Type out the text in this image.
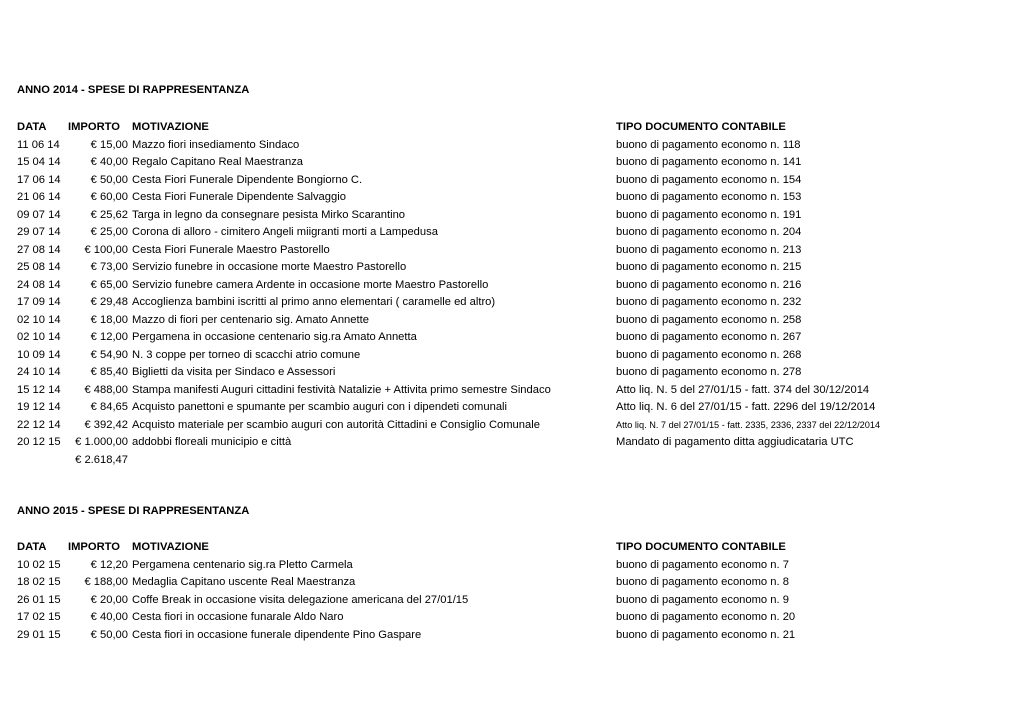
ANNO 2014 - SPESE DI RAPPRESENTANZA
DATA IMPORTO MOTIVAZIONE	TIPO DOCUMENTO CONTABILE
11 06 14	€ 15,00 Mazzo fiori insediamento Sindaco	buono di pagamento economo n. 118
15 04 14	€ 40,00 Regalo Capitano Real Maestranza	buono di pagamento economo n. 141
17 06 14	€ 50,00 Cesta Fiori Funerale Dipendente Bongiorno C.	buono di pagamento economo n. 154
21 06 14	€ 60,00 Cesta Fiori Funerale Dipendente Salvaggio	buono di pagamento economo n. 153
09 07 14	€ 25,62 Targa in legno da consegnare pesista Mirko Scarantino	buono di pagamento economo n. 191
29 07 14	€ 25,00 Corona di alloro - cimitero Angeli miigranti morti a Lampedusa	buono di pagamento economo n. 204
27 08 14 € 100,00 Cesta Fiori Funerale Maestro Pastorello	buono di pagamento economo n. 213
25 08 14	€ 73,00 Servizio funebre in occasione morte Maestro Pastorello	buono di pagamento economo n. 215
24 08 14	€ 65,00 Servizio funebre camera Ardente in occasione morte Maestro Pastorello	buono di pagamento economo n. 216
17 09 14	€ 29,48 Accoglienza bambini iscritti al primo anno elementari ( caramelle ed altro)	buono di pagamento economo n. 232
02 10 14	€ 18,00 Mazzo di fiori per centenario sig. Amato Annette	buono di pagamento economo n. 258
02 10 14	€ 12,00 Pergamena in occasione centenario sig.ra Amato Annetta	buono di pagamento economo n. 267
10 09 14	€ 54,90 N. 3 coppe per torneo di scacchi atrio comune	buono di pagamento economo n. 268
24 10 14	€ 85,40 Biglietti da visita per Sindaco e Assessori	buono di pagamento economo n. 278
15 12 14 € 488,00 Stampa manifesti Auguri cittadini festività Natalizie + Attivita primo semestre Sindaco	Atto liq. N. 5 del 27/01/15 - fatt. 374 del 30/12/2014
19 12 14	€ 84,65 Acquisto panettoni e spumante per scambio auguri con i dipendeti comunali	Atto liq. N. 6 del 27/01/15 - fatt. 2296 del 19/12/2014
22 12 14 € 392,42 Acquisto materiale per scambio auguri con autorità Cittadini e Consiglio Comunale	Atto liq. N. 7 del 27/01/15 - fatt. 2335, 2336, 2337 del 22/12/2014
20 12 15 € 1.000,00 addobbi floreali municipio e città	Mandato di pagamento ditta aggiudicataria UTC
€ 2.618,47
ANNO 2015 - SPESE DI RAPPRESENTANZA
DATA IMPORTO MOTIVAZIONE	TIPO DOCUMENTO CONTABILE
10 02 15	€ 12,20 Pergamena centenario sig.ra Pletto Carmela	buono di pagamento economo n. 7
18 02 15 € 188,00 Medaglia Capitano uscente Real Maestranza	buono di pagamento economo n. 8
26 01 15	€ 20,00 Coffe Break in occasione visita delegazione americana del 27/01/15	buono di pagamento economo n. 9
17 02 15	€ 40,00 Cesta fiori in occasione funarale Aldo Naro	buono di pagamento economo n. 20
29 01 15	€ 50,00 Cesta fiori in occasione funerale dipendente Pino Gaspare	buono di pagamento economo n. 21
